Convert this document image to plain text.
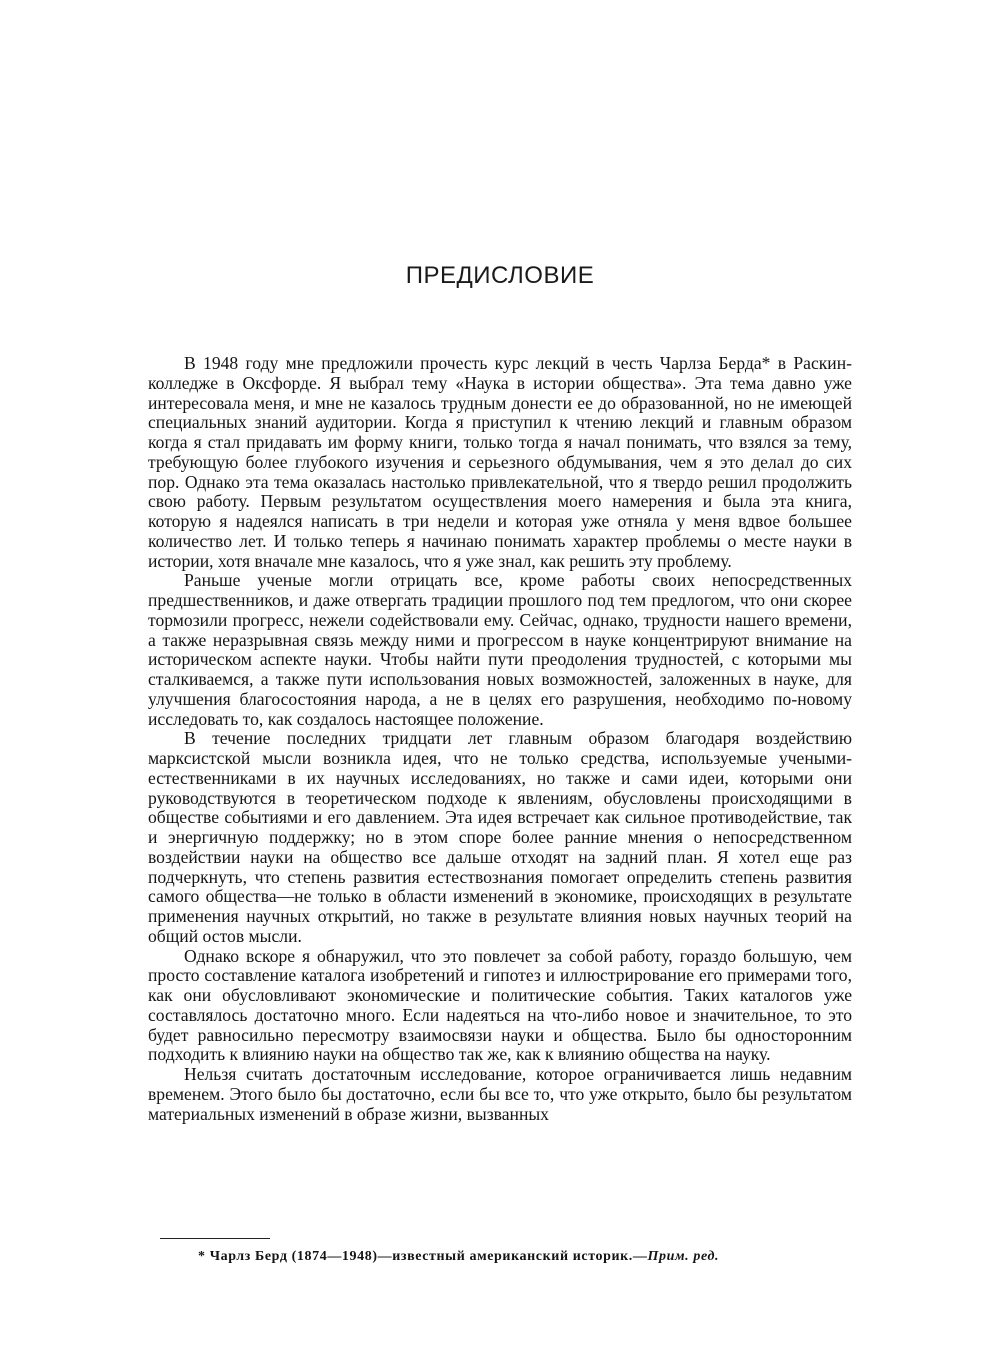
ПРЕДИСЛОВИЕ

В 1948 году мне предложили прочесть курс лекций в честь Чарлза Берда* в Раскин-колледже в Оксфорде. Я выбрал тему «Наука в истории общества». Эта тема давно уже интересовала меня, и мне не казалось трудным донести ее до образованной, но не имеющей специальных знаний аудитории. Когда я приступил к чтению лекций и главным образом когда я стал придавать им форму книги, только тогда я начал понимать, что взялся за тему, требующую более глубокого изучения и серьезного обдумывания, чем я это делал до сих пор. Однако эта тема оказалась настолько привлекательной, что я твердо решил продолжить свою работу. Первым результатом осуществления моего намерения и была эта книга, которую я надеялся написать в три недели и которая уже отняла у меня вдвое большее количество лет. И только теперь я начинаю понимать характер проблемы о месте науки в истории, хотя вначале мне казалось, что я уже знал, как решить эту проблему.

Раньше ученые могли отрицать все, кроме работы своих непосредственных предшественников, и даже отвергать традиции прошлого под тем предлогом, что они скорее тормозили прогресс, нежели содействовали ему. Сейчас, однако, трудности нашего времени, а также неразрывная связь между ними и прогрессом в науке концентрируют внимание на историческом аспекте науки. Чтобы найти пути преодоления трудностей, с которыми мы сталкиваемся, а также пути использования новых возможностей, заложенных в науке, для улучшения благосостояния народа, а не в целях его разрушения, необходимо по-новому исследовать то, как создалось настоящее положение.

В течение последних тридцати лет главным образом благодаря воздействию марксистской мысли возникла идея, что не только средства, используемые учеными-естественниками в их научных исследованиях, но также и сами идеи, которыми они руководствуются в теоретическом подходе к явлениям, обусловлены происходящими в обществе событиями и его давлением. Эта идея встречает как сильное противодействие, так и энергичную поддержку; но в этом споре более ранние мнения о непосредственном воздействии науки на общество все дальше отходят на задний план. Я хотел еще раз подчеркнуть, что степень развития естествознания помогает определить степень развития самого общества—не только в области изменений в экономике, происходящих в результате применения научных открытий, но также в результате влияния новых научных теорий на общий остов мысли.

Однако вскоре я обнаружил, что это повлечет за собой работу, гораздо большую, чем просто составление каталога изобретений и гипотез и иллюстрирование его примерами того, как они обусловливают экономические и политические события. Таких каталогов уже составлялось достаточно много. Если надеяться на что-либо новое и значительное, то это будет равносильно пересмотру взаимосвязи науки и общества. Было бы односторонним подходить к влиянию науки на общество так же, как к влиянию общества на науку.

Нельзя считать достаточным исследование, которое ограничивается лишь недавним временем. Этого было бы достаточно, если бы все то, что уже открыто, было бы результатом материальных изменений в образе жизни, вызванных

* Чарлз Берд (1874—1948)—известный американский историк.—Прим. ред.
